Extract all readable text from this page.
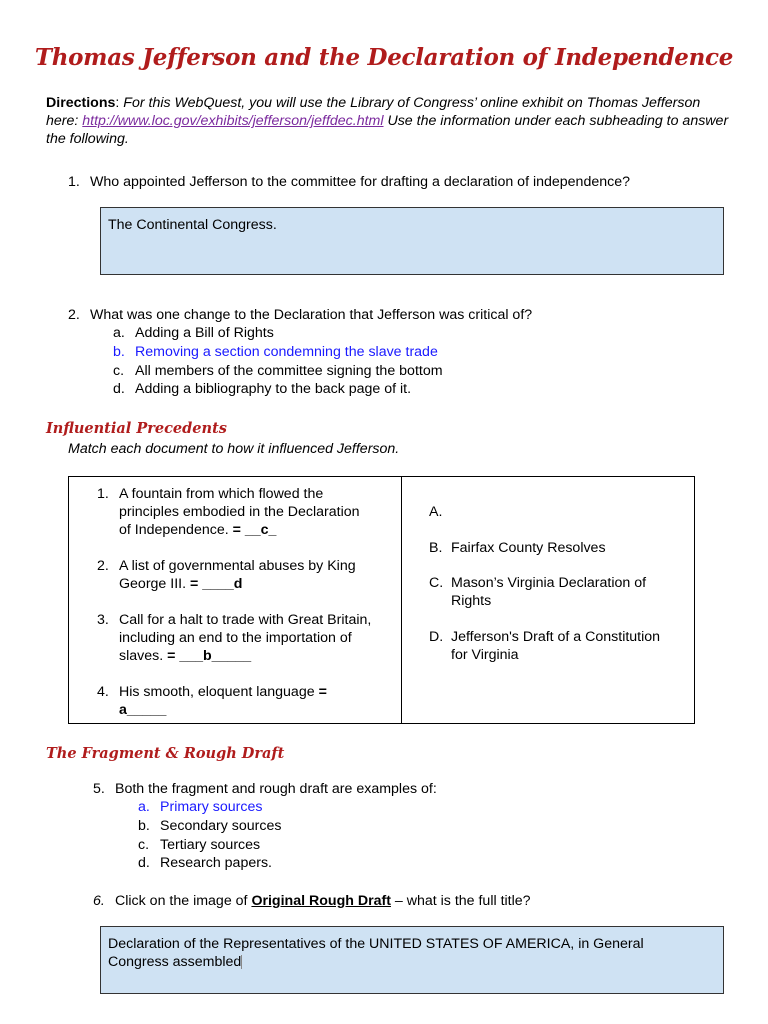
Thomas Jefferson and the Declaration of Independence
Directions: For this WebQuest, you will use the Library of Congress’ online exhibit on Thomas Jefferson here: http://www.loc.gov/exhibits/jefferson/jeffdec.html Use the information under each subheading to answer the following.
1. Who appointed Jefferson to the committee for drafting a declaration of independence?
The Continental Congress.
2. What was one change to the Declaration that Jefferson was critical of?
a. Adding a Bill of Rights
b. Removing a section condemning the slave trade
c. All members of the committee signing the bottom
d. Adding a bibliography to the back page of it.
Influential Precedents
Match each document to how it influenced Jefferson.
1. A fountain from which flowed the
principles embodied in the Declaration
of Independence. = __c_
2. A list of governmental abuses by King
George III. = ____d
3. Call for a halt to trade with Great Britain,
including an end to the importation of
slaves. = ___b_____
4. His smooth, eloquent language =
a_____
A.
B. Fairfax County Resolves
C. Mason’s Virginia Declaration of
Rights
D. Jefferson's Draft of a Constitution
for Virginia
The Fragment & Rough Draft
5. Both the fragment and rough draft are examples of:
a. Primary sources
b. Secondary sources
c. Tertiary sources
d. Research papers.
6. Click on the image of Original Rough Draft – what is the full title?
Declaration of the Representatives of the UNITED STATES OF AMERICA, in General
Congress assembled
